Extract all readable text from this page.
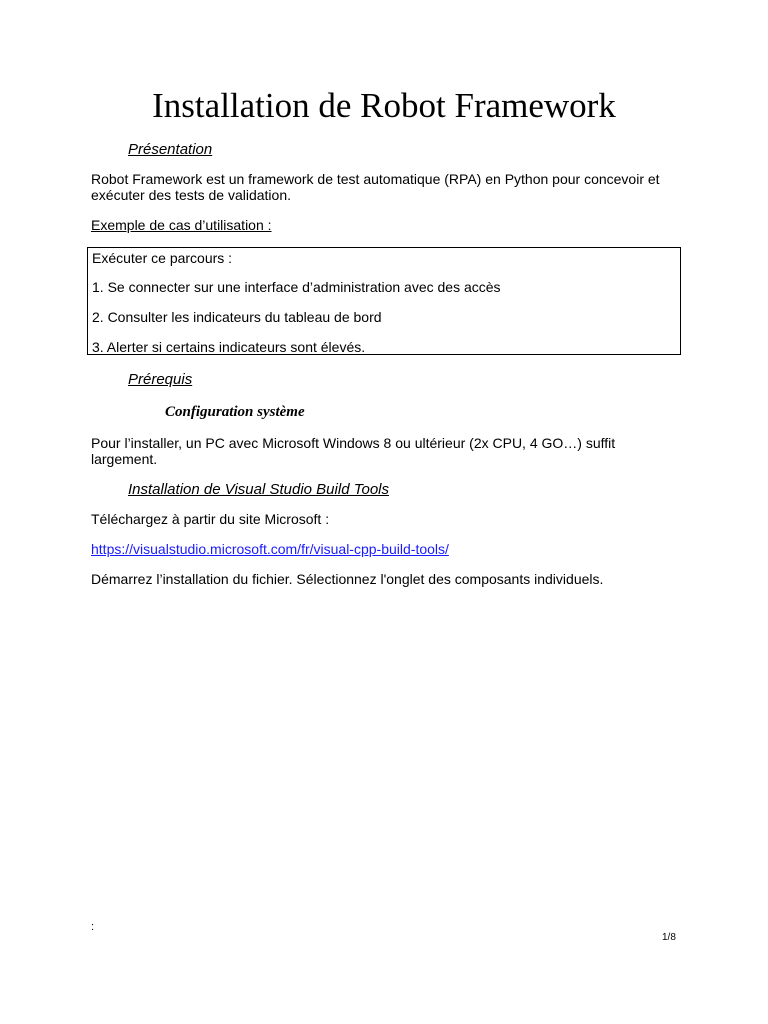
Installation de Robot Framework
Présentation

Robot Framework est un framework de test automatique (RPA) en Python pour concevoir et exécuter des tests de validation.

Exemple de cas d’utilisation :

Exécuter ce parcours :

1. Se connecter sur une interface d’administration avec des accès

2. Consulter les indicateurs du tableau de bord

3. Alerter si certains indicateurs sont élevés.

Prérequis
Configuration système

Pour l’installer, un PC avec Microsoft Windows 8 ou ultérieur (2x CPU, 4 GO…) suffit largement.

Installation de Visual Studio Build Tools

Téléchargez à partir du site Microsoft :

https://visualstudio.microsoft.com/fr/visual-cpp-build-tools/

Démarrez l’installation du fichier. Sélectionnez l'onglet des composants individuels.

:
1/8
